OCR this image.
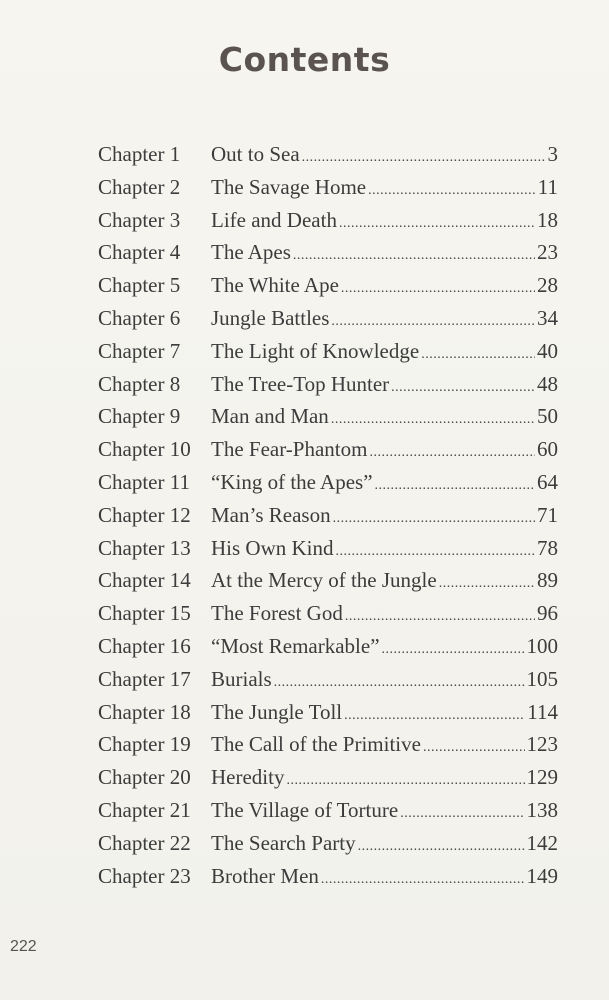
Contents
Chapter 1	Out to Sea . . .	3
Chapter 2	The Savage Home . . .	11
Chapter 3	Life and Death . . .	18
Chapter 4	The Apes . . .	23
Chapter 5	The White Ape . . .	28
Chapter 6	Jungle Battles . . .	34
Chapter 7	The Light of Knowledge . . .	40
Chapter 8	The Tree-Top Hunter . . .	48
Chapter 9	Man and Man . . .	50
Chapter 10 The Fear-Phantom . . .	60
Chapter 11	“King of the Apes” . . .	64
Chapter 12 Man’s Reason . . .	71
Chapter 13 His Own Kind . . .	78
Chapter 14 At the Mercy of the Jungle . . .	89
Chapter 15 The Forest God . . .	96
Chapter 16 “Most Remarkable” . . .	100
Chapter 17 Burials . . .	105
Chapter 18 The Jungle Toll . . .	114
Chapter 19 The Call of the Primitive . . .	123
Chapter 20 Heredity . . .	129
Chapter 21 The Village of Torture . . .	138
Chapter 22 The Search Party . . .	142
Chapter 23 Brother Men . . .	149
222
